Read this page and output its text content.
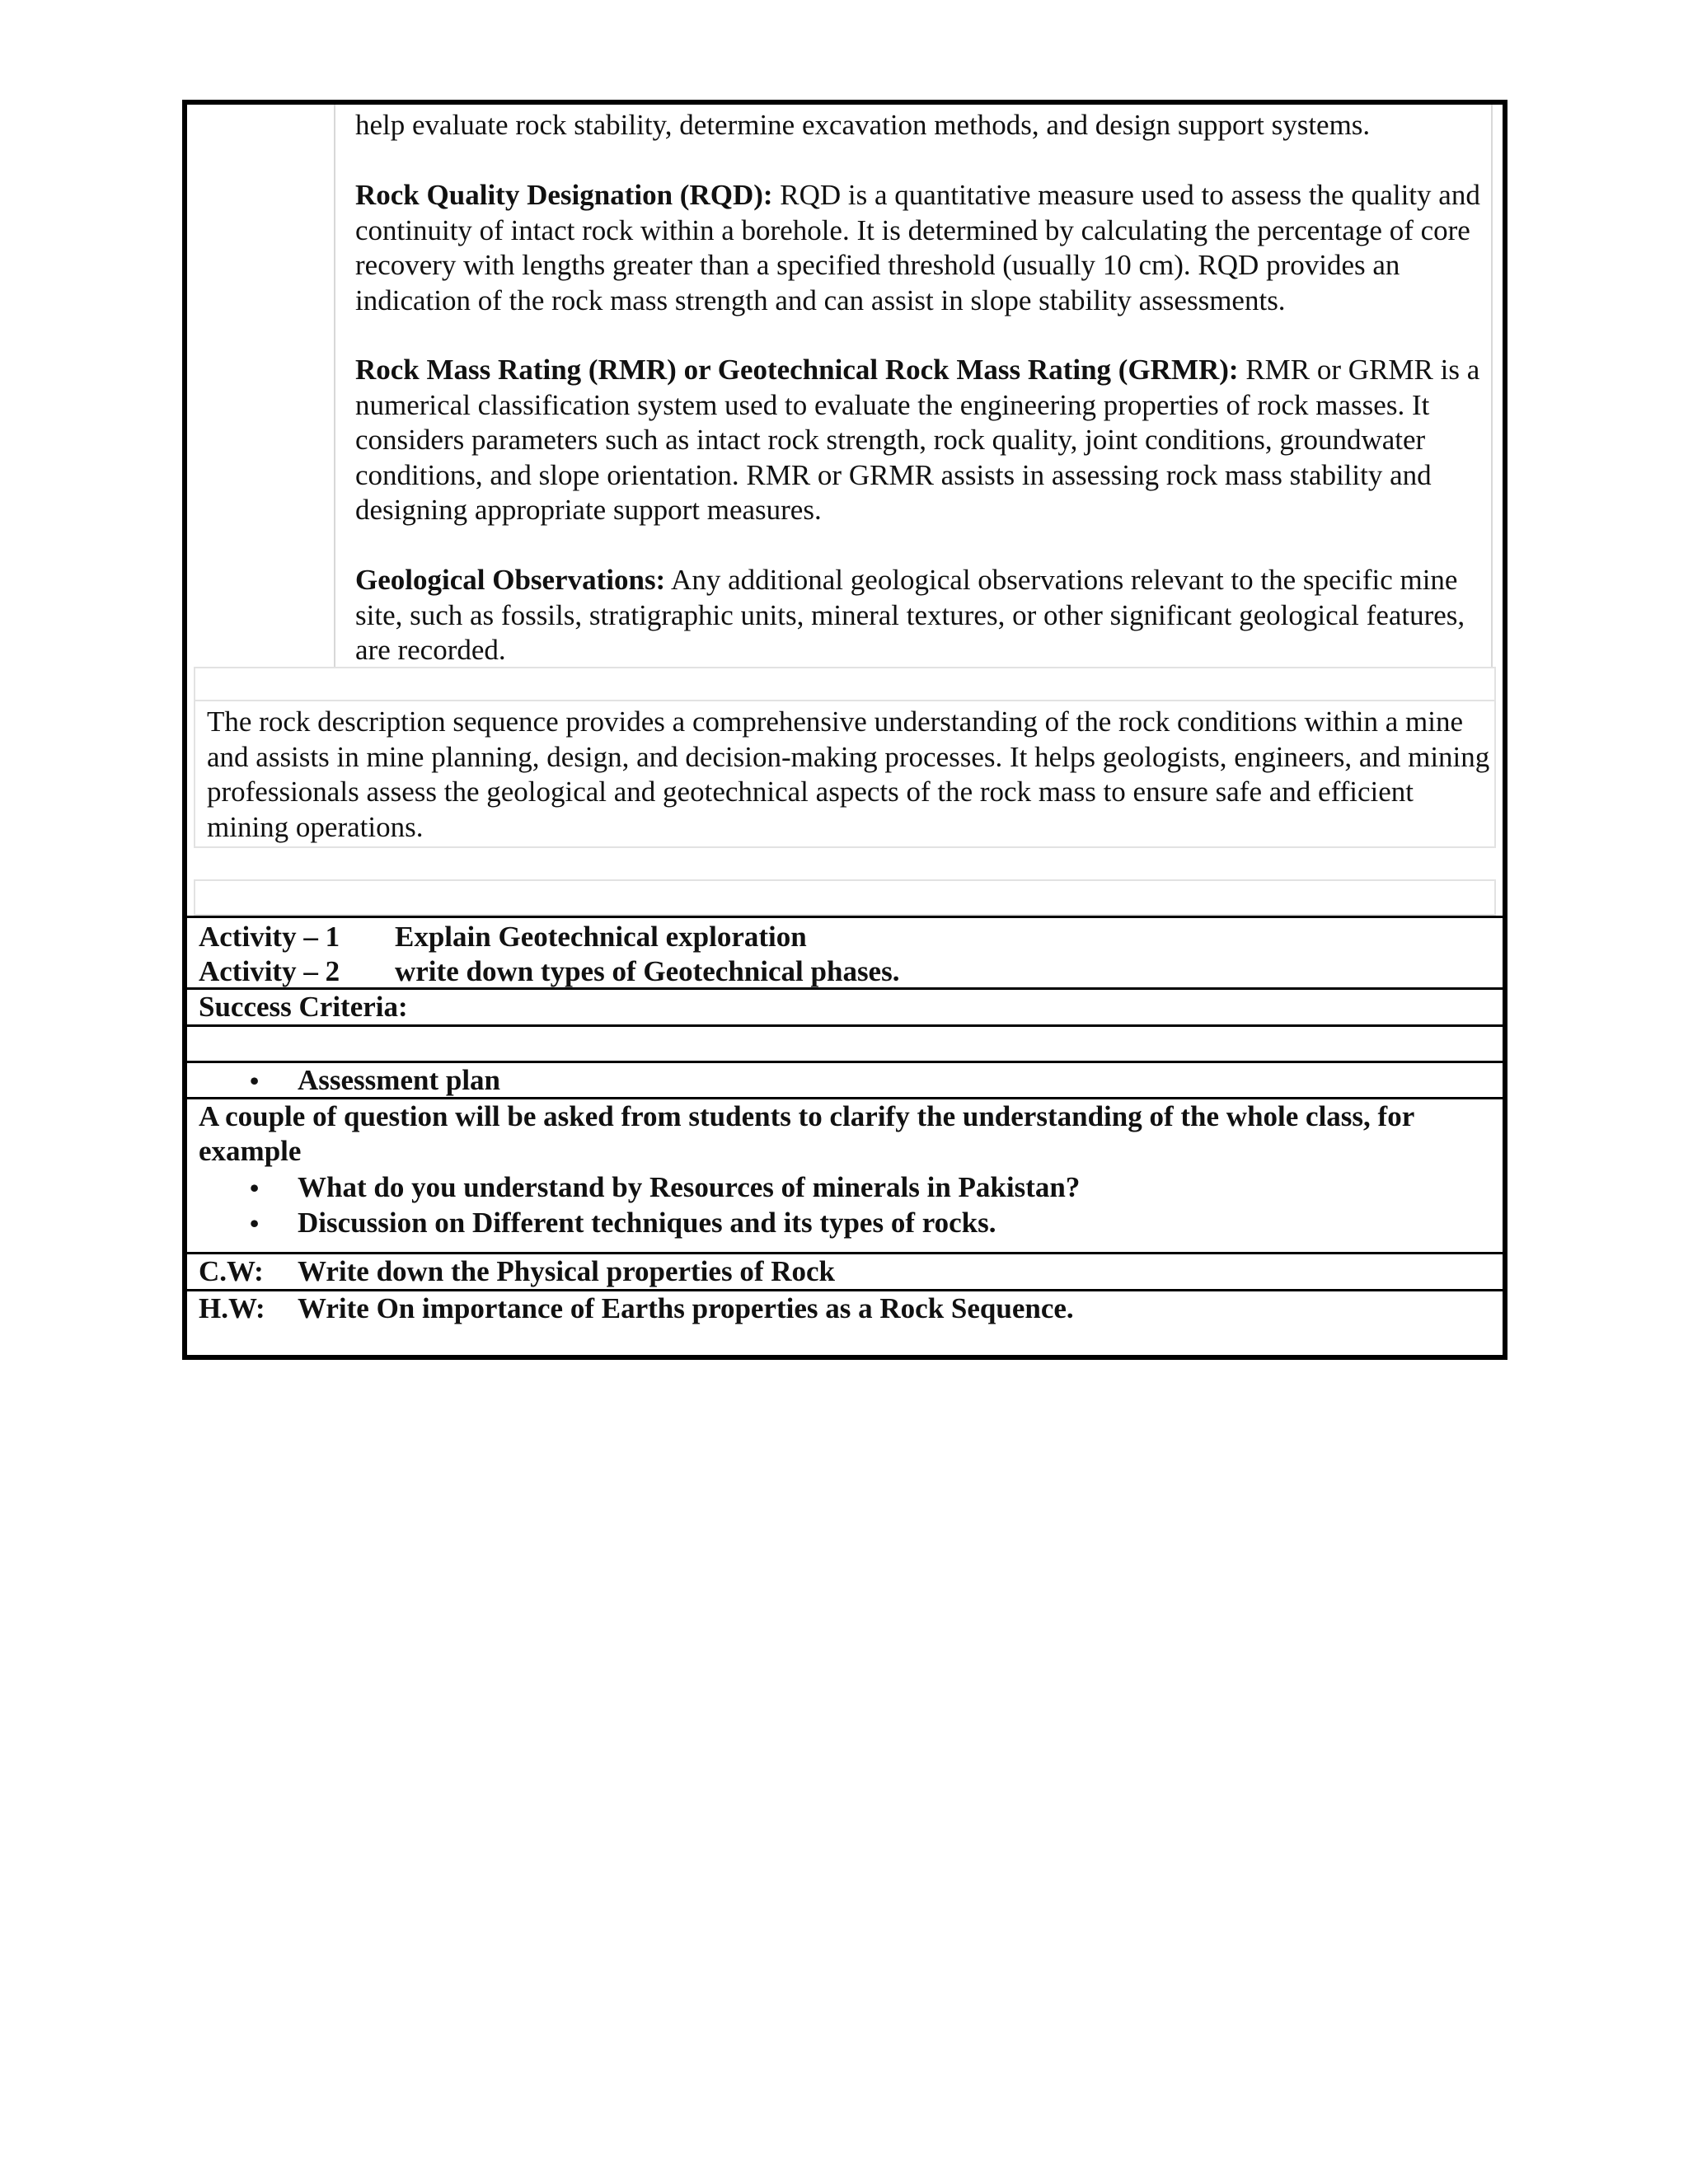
help evaluate rock stability, determine excavation methods, and design support systems.

Rock Quality Designation (RQD): RQD is a quantitative measure used to assess the quality and continuity of intact rock within a borehole. It is determined by calculating the percentage of core recovery with lengths greater than a specified threshold (usually 10 cm). RQD provides an indication of the rock mass strength and can assist in slope stability assessments.

Rock Mass Rating (RMR) or Geotechnical Rock Mass Rating (GRMR): RMR or GRMR is a numerical classification system used to evaluate the engineering properties of rock masses. It considers parameters such as intact rock strength, rock quality, joint conditions, groundwater conditions, and slope orientation. RMR or GRMR assists in assessing rock mass stability and designing appropriate support measures.

Geological Observations: Any additional geological observations relevant to the specific mine site, such as fossils, stratigraphic units, mineral textures, or other significant geological features, are recorded.

The rock description sequence provides a comprehensive understanding of the rock conditions within a mine and assists in mine planning, design, and decision-making processes. It helps geologists, engineers, and mining professionals assess the geological and geotechnical aspects of the rock mass to ensure safe and efficient mining operations.

Activity – 1 Explain Geotechnical exploration
Activity – 2 write down types of Geotechnical phases.
Success Criteria:
• Assessment plan
A couple of question will be asked from students to clarify the understanding of the whole class, for
example
• What do you understand by Resources of minerals in Pakistan?
• Discussion on Different techniques and its types of rocks.
C.W: Write down the Physical properties of Rock
H.W: Write On importance of Earths properties as a Rock Sequence.
